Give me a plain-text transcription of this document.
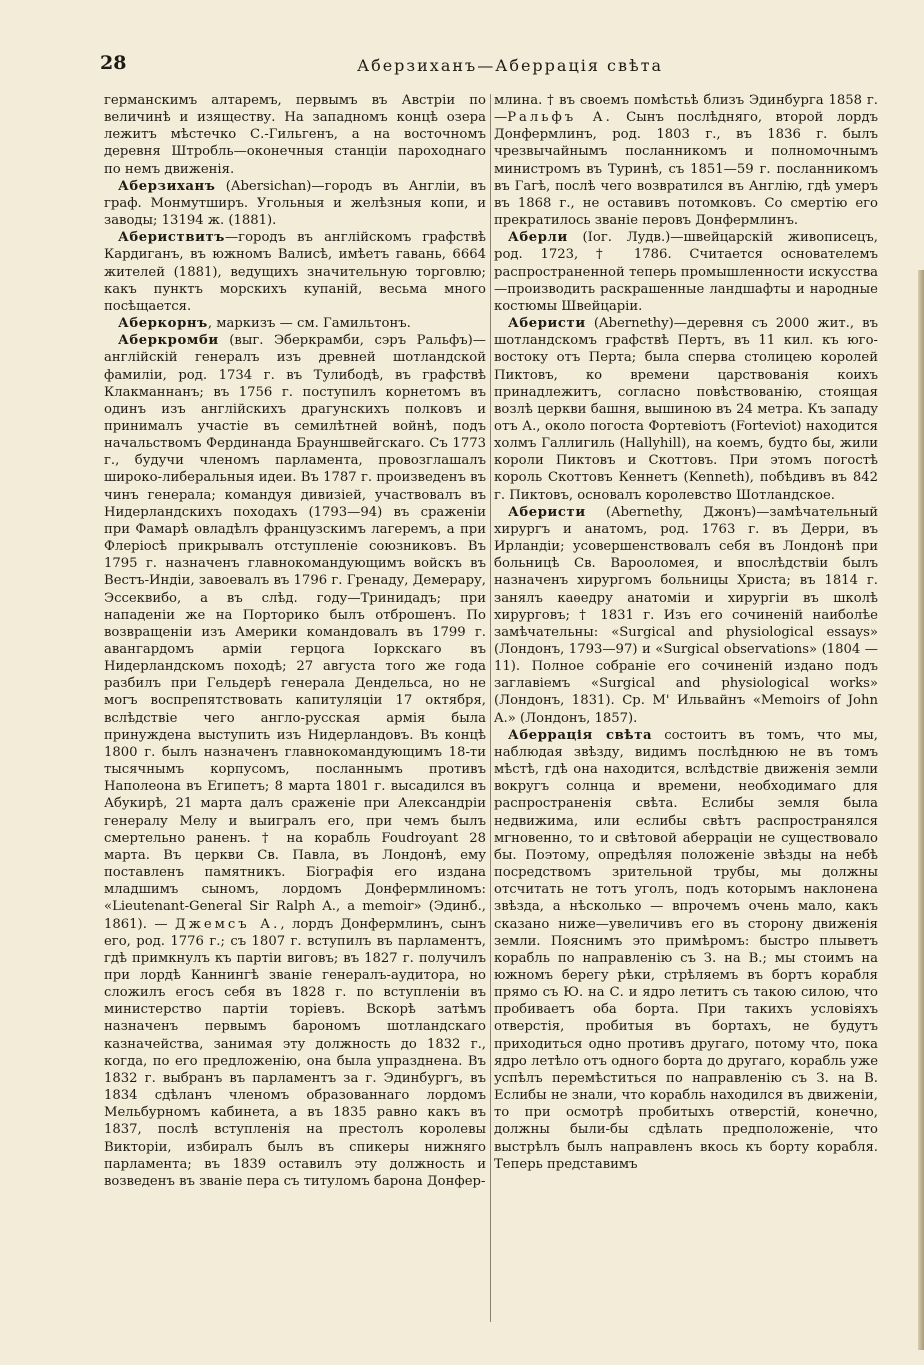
28	Аберзиханъ—Аберрація свѣта

германскимъ алтаремъ, первымъ въ Австріи по величинѣ и изяществу. На западномъ концѣ озера лежитъ мѣстечко С.-Гильгенъ, а на восточномъ деревня Штробль—оконечныя станціи пароходнаго по немъ движенія.

Аберзиханъ (Abersichan)—городъ въ Англіи, въ граф. Монмутширъ. Угольныя и желѣзныя копи, и заводы; 13194 ж. (1881).

Абериствитъ—городъ въ англійскомъ графствѣ Кардиганъ, въ южномъ Валисѣ, имѣетъ гавань, 6664 жителей (1881), ведущихъ значительную торговлю; какъ пунктъ морскихъ купаній, весьма много посѣщается.

Аберкорнъ, маркизъ — см. Гамильтонъ.

Аберкромби (выг. Эберкрамби, сэръ Ральфъ)—англійскій генералъ изъ древней шотландской фамиліи, род. 1734 г. въ Тулибодѣ, въ графствѣ Клакманнанъ; въ 1756 г. поступилъ корнетомъ въ одинъ изъ англійскихъ драгунскихъ полковъ и принималъ участіе въ семилѣтней войнѣ, подъ начальствомъ Фердинанда Брауншвейгскаго. Съ 1773 г., будучи членомъ парламента, провозглашалъ широко-либеральныя идеи. Въ 1787 г. произведенъ въ чинъ генерала; командуя дивизіей, участвовалъ въ Нидерландскихъ походахъ (1793—94) въ сраженіи при Фамарѣ овладѣлъ французскимъ лагеремъ, а при Флеріосѣ прикрывалъ отступленіе союзниковъ. Въ 1795 г. назначенъ главнокомандующимъ войскъ въ Вестъ-Индіи, завоевалъ въ 1796 г. Гренаду, Демерару, Эссеквибо, а въ слѣд. году—Тринидадъ; при нападеніи же на Порторико былъ отброшенъ. По возвращеніи изъ Америки командовалъ въ 1799 г. авангардомъ арміи герцога Іоркскаго въ Нидерландскомъ походѣ; 27 августа того же года разбилъ при Гельдерѣ генерала Дендельса, но не могъ воспрепятствовать капитуляціи 17 октября, вслѣдствіе чего англо-русская армія была принуждена выступить изъ Нидерландовъ. Въ концѣ 1800 г. былъ назначенъ главнокомандующимъ 18-ти тысячнымъ корпусомъ, посланнымъ противъ Наполеона въ Египетъ; 8 марта 1801 г. высадился въ Абукирѣ, 21 марта далъ сраженіе при Александріи генералу Мелу и выигралъ его, при чемъ былъ смертельно раненъ. † на корабль Foudroyant 28 марта. Въ церкви Св. Павла, въ Лондонѣ, ему поставленъ памятникъ. Біографія его издана младшимъ сыномъ, лордомъ Донфермлиномъ: «Lieutenant-General Sir Ralph A., a memoir» (Эдинб., 1861). — Джемсъ А., лордъ Донфермлинъ, сынъ его, род. 1776 г.; съ 1807 г. вступилъ въ парламентъ, гдѣ примкнулъ къ партіи виговъ; въ 1827 г. получилъ при лордѣ Каннингѣ званіе генералъ-аудитора, но сложилъ егосъ себя въ 1828 г. по вступленіи въ министерство партіи торіевъ. Вскорѣ затѣмъ назначенъ первымъ барономъ шотландскаго казначейства, занимая эту должность до 1832 г., когда, по его предложенію, она была упразднена. Въ 1832 г. выбранъ въ парламентъ за г. Эдинбургъ, въ 1834 сдѣланъ членомъ образованнаго лордомъ Мельбурномъ кабинета, а въ 1835 равно какъ въ 1837, послѣ вступленія на престолъ королевы Викторіи, избиралъ былъ въ спикеры нижняго парламента; въ 1839 оставилъ эту должность и возведенъ въ званіе пера съ титуломъ барона Донфер-

млина. † въ своемъ помѣстьѣ близъ Эдинбурга 1858 г.—Ральфъ А. Сынъ послѣдняго, второй лордъ Донфермлинъ, род. 1803 г., въ 1836 г. былъ чрезвычайнымъ посланникомъ и полномочнымъ министромъ въ Туринѣ, съ 1851—59 г. посланникомъ въ Гагѣ, послѣ чего возвратился въ Англію, гдѣ умеръ въ 1868 г., не оставивъ потомковъ. Со смертію его прекратилось званіе перовъ Донфермлинъ.

Аберли (Іог. Лудв.)—швейцарскій живописецъ, род. 1723, † 1786. Считается основателемъ распространенной теперь промышленности искусства—производить раскрашенные ландшафты и народные костюмы Швейцаріи.

Аберисти (Abernethy)—деревня съ 2000 жит., въ шотландскомъ графствѣ Пертъ, въ 11 кил. къ юго-востоку отъ Перта; была сперва столицею королей Пиктовъ, ко времени царствованія коихъ принадлежитъ, согласно повѣствованію, стоящая возлѣ церкви башня, вышиною въ 24 метра. Къ западу отъ А., около погоста Фортевіотъ (Forteviot) находится холмъ Галлигиль (Hallyhill), на коемъ, будто бы, жили короли Пиктовъ и Скоттовъ. При этомъ погостѣ король Скоттовъ Кеннетъ (Kenneth), побѣдивъ въ 842 г. Пиктовъ, основалъ королевство Шотландское.

Аберисти (Abernethy, Джонъ)—замѣчательный хирургъ и анатомъ, род. 1763 г. въ Дерри, въ Ирландіи; усовершенствовалъ себя въ Лондонѣ при больницѣ Св. Варооломея, и впослѣдствіи былъ назначенъ хирургомъ больницы Христа; въ 1814 г. занялъ каѳедру анатоміи и хирургіи въ школѣ хирурговъ; † 1831 г. Изъ его сочиненій наиболѣе замѣчательны: «Surgical and physiological essays» (Лондонъ, 1793—97) и «Surgical observations» (1804 — 11). Полное собраніе его сочиненій издано подъ заглавіемъ «Surgical and physiological works» (Лондонъ, 1831). Ср. М' Ильвайнъ «Memoirs of John A.» (Лондонъ, 1857).

Аберрація свѣта состоитъ въ томъ, что мы, наблюдая звѣзду, видимъ послѣднюю не въ томъ мѣстѣ, гдѣ она находится, вслѣдствіе движенія земли вокругъ солнца и времени, необходимаго для распространенія свѣта. Еслибы земля была недвижима, или еслибы свѣтъ распространялся мгновенно, то и свѣтовой аберраціи не существовало бы. Поэтому, опредѣляя положеніе звѣзды на небѣ посредствомъ зрительной трубы, мы должны отсчитать не тотъ уголъ, подъ которымъ наклонена звѣзда, а нѣсколько — впрочемъ очень мало, какъ сказано ниже—увеличивъ его въ сторону движенія земли. Пояснимъ это примѣромъ: быстро плыветъ корабль по направленію съ З. на В.; мы стоимъ на южномъ берегу рѣки, стрѣляемъ въ бортъ корабля прямо съ Ю. на С. и ядро летитъ съ такою силою, что пробиваетъ оба борта. При такихъ условіяхъ отверстія, пробитыя въ бортахъ, не будутъ приходиться одно противъ другаго, потому что, пока ядро летѣло отъ одного борта до другаго, корабль уже успѣлъ перемѣститься по направленію съ З. на В. Еслибы не знали, что корабль находился въ движеніи, то при осмотрѣ пробитыхъ отверстій, конечно, должны были-бы сдѣлать предположеніе, что выстрѣлъ былъ направленъ вкось къ борту корабля. Теперь представимъ
